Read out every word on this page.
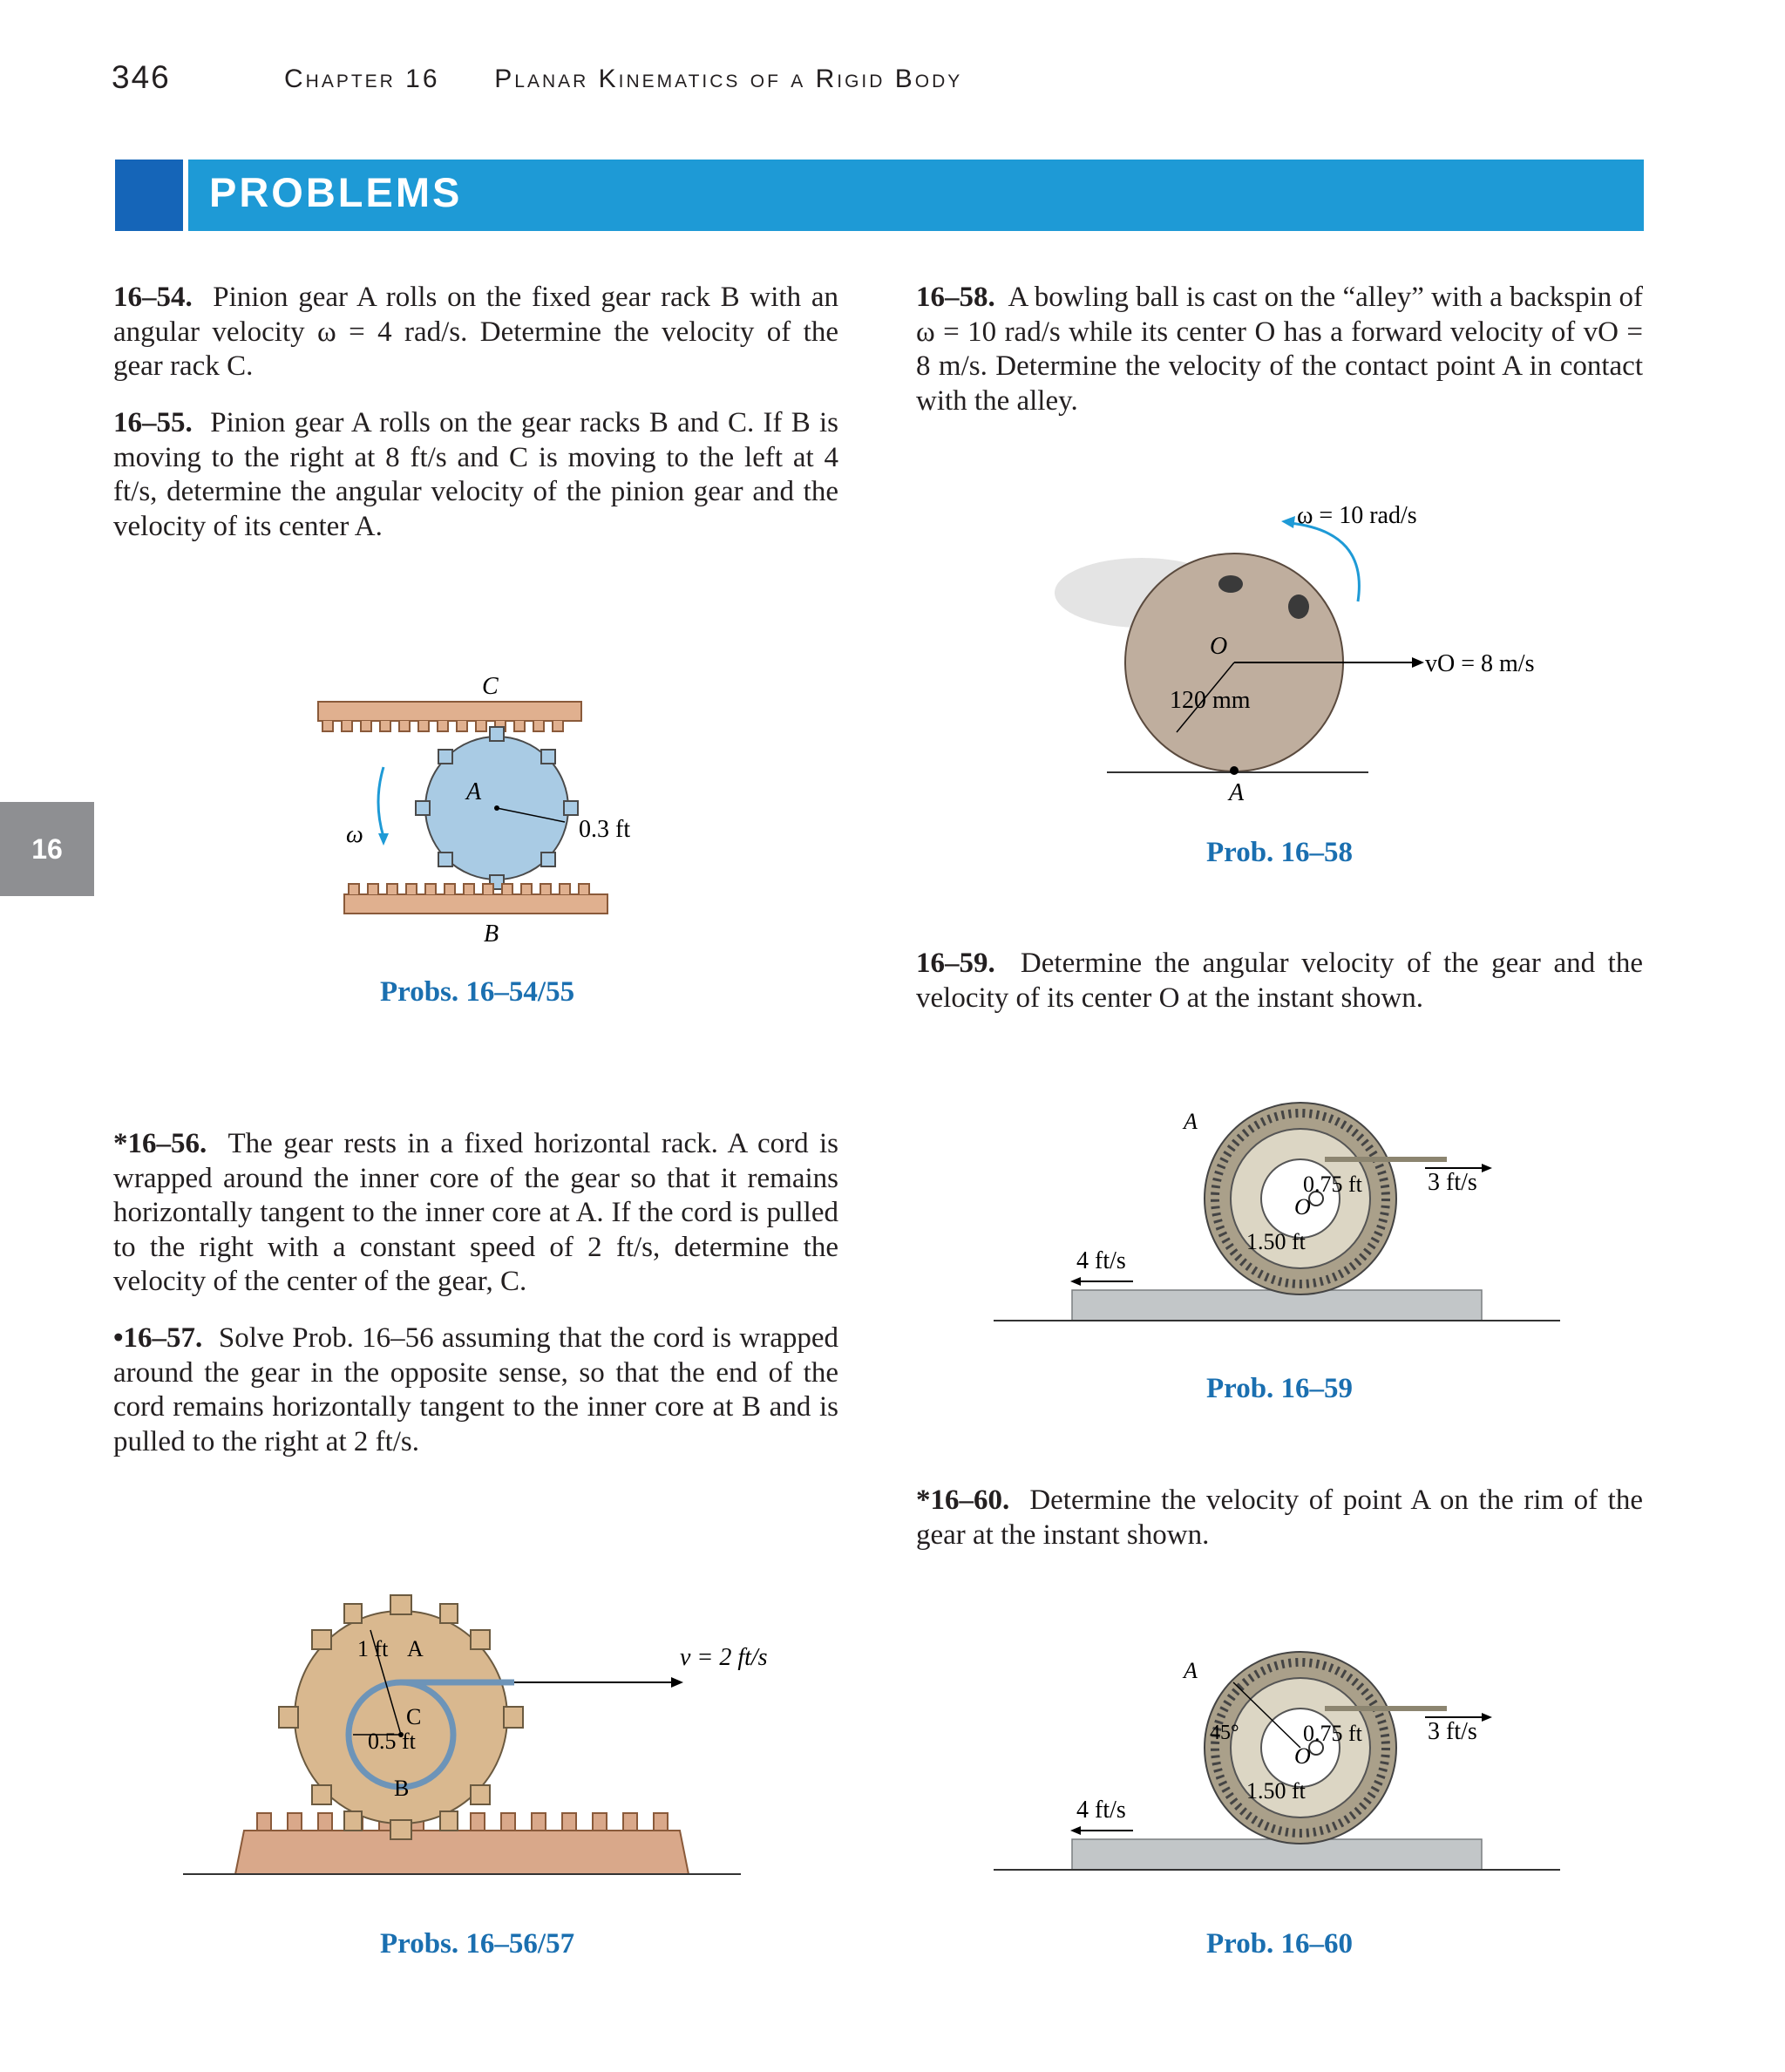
346	Chapter 16 Planar Kinematics of a Rigid Body
PROBLEMS
16

16–54. Pinion gear A rolls on the fixed gear rack B with an angular velocity ω = 4 rad/s. Determine the velocity of the gear rack C.

16–55. Pinion gear A rolls on the gear racks B and C. If B is moving to the right at 8 ft/s and C is moving to the left at 4 ft/s, determine the angular velocity of the pinion gear and the velocity of its center A.

*16–56. The gear rests in a fixed horizontal rack. A cord is wrapped around the inner core of the gear so that it remains horizontally tangent to the inner core at A. If the cord is pulled to the right with a constant speed of 2 ft/s, determine the velocity of the center of the gear, C.

•16–57. Solve Prob. 16–56 assuming that the cord is wrapped around the gear in the opposite sense, so that the end of the cord remains horizontally tangent to the inner core at B and is pulled to the right at 2 ft/s.

16–58. A bowling ball is cast on the “alley” with a backspin of ω = 10 rad/s while its center O has a forward velocity of vO = 8 m/s. Determine the velocity of the contact point A in contact with the alley.

16–59. Determine the angular velocity of the gear and the velocity of its center O at the instant shown.

*16–60. Determine the velocity of point A on the rim of the gear at the instant shown.

C
A
ω	0.3 ft
B
Probs. 16–54/55
1 ft A
C
0.5 ft
B
v = 2 ft/s
Probs. 16–56/57
ω = 10 rad/s
vO = 8 m/s
O
120 mm
A
Prob. 16–58
A
O
0.75 ft
1.50 ft
3 ft/s
4 ft/s
Prob. 16–59
A
45°
O
0.75 ft
1.50 ft
3 ft/s
4 ft/s
Prob. 16–60
